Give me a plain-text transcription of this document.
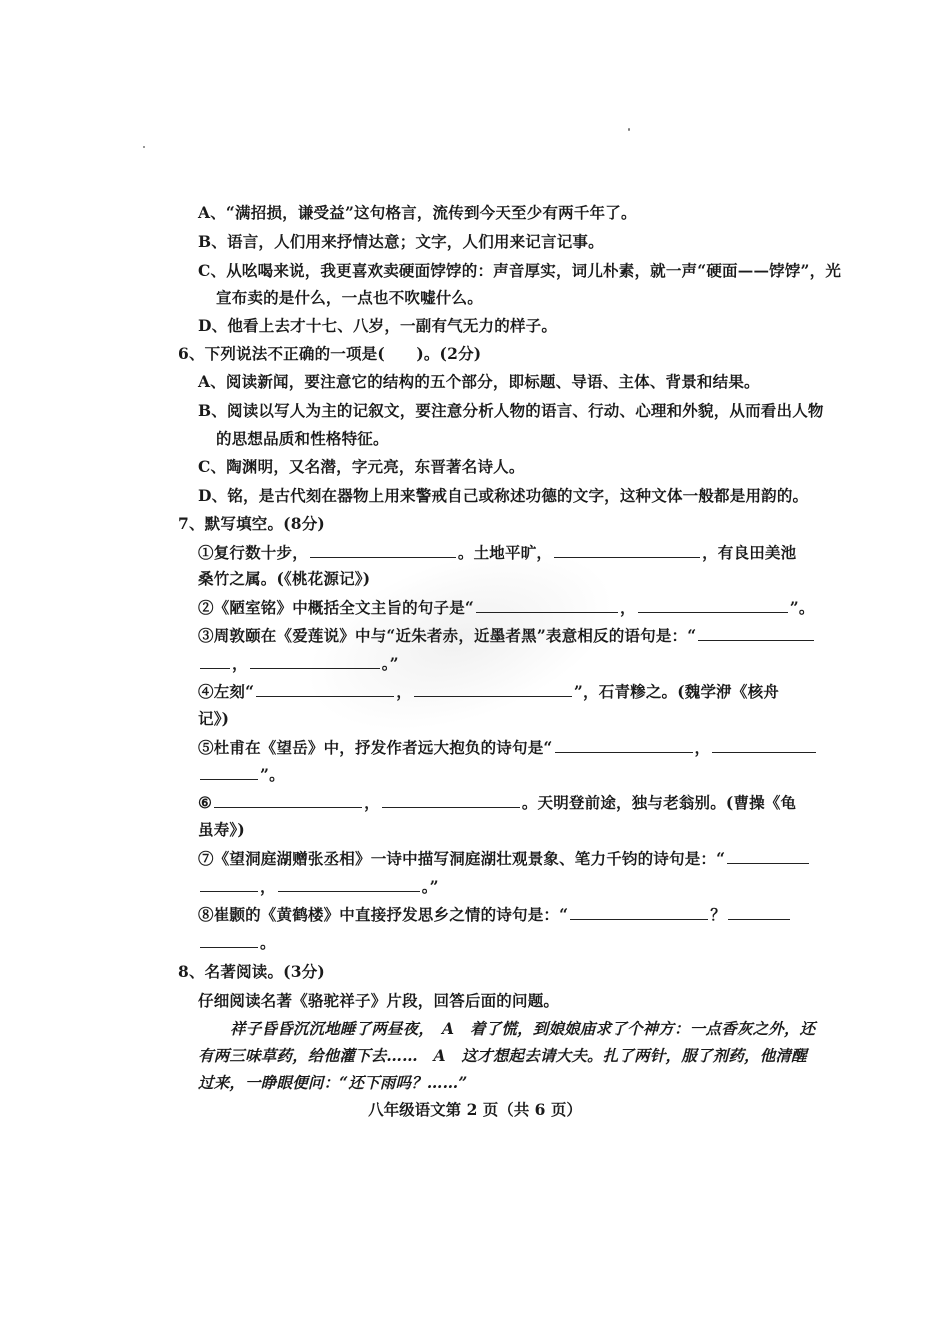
A、“满招损，谦受益”这句格言，流传到今天至少有两千年了。
B、语言，人们用来抒情达意；文字，人们用来记言记事。
C、从吆喝来说，我更喜欢卖硬面饽饽的：声音厚实，词儿朴素，就一声“硬面——饽饽”，光
宣布卖的是什么，一点也不吹嘘什么。
D、他看上去才十七、八岁，一副有气无力的样子。
6、下列说法不正确的一项是(　　)。(2分)
A、阅读新闻，要注意它的结构的五个部分，即标题、导语、主体、背景和结果。
B、阅读以写人为主的记叙文，要注意分析人物的语言、行动、心理和外貌，从而看出人物
的思想品质和性格特征。
C、陶渊明，又名潜，字元亮，东晋著名诗人。
D、铭，是古代刻在器物上用来警戒自己或称述功德的文字，这种文体一般都是用韵的。
7、默写填空。(8分)
①复行数十步，	。土地平旷，	，有良田美池
桑竹之属。(《桃花源记》)
②《陋室铭》中概括全文主旨的句子是“	，	”。
③周敦颐在《爱莲说》中与“近朱者赤，近墨者黑”表意相反的语句是：“
，	。”
④左刻“	，	”，石青糁之。(魏学洢《核舟
记》)
⑤杜甫在《望岳》中，抒发作者远大抱负的诗句是“	，
”。
⑥	，	。天明登前途，独与老翁别。(曹操《龟
虽寿》)
⑦《望洞庭湖赠张丞相》一诗中描写洞庭湖壮观景象、笔力千钧的诗句是：“
，	。”
⑧崔颢的《黄鹤楼》中直接抒发思乡之情的诗句是：“	？
。
8、名著阅读。(3分)
仔细阅读名著《骆驼祥子》片段，回答后面的问题。
祥子昏昏沉沉地睡了两昼夜，　A　着了慌，到娘娘庙求了个神方：一点香灰之外，还
有两三味草药，给他灌下去……　A　这才想起去请大夫。扎了两针，服了剂药，他清醒
过来，一睁眼便问：“还下雨吗？……”
八年级语文第 2 页（共 6 页）
